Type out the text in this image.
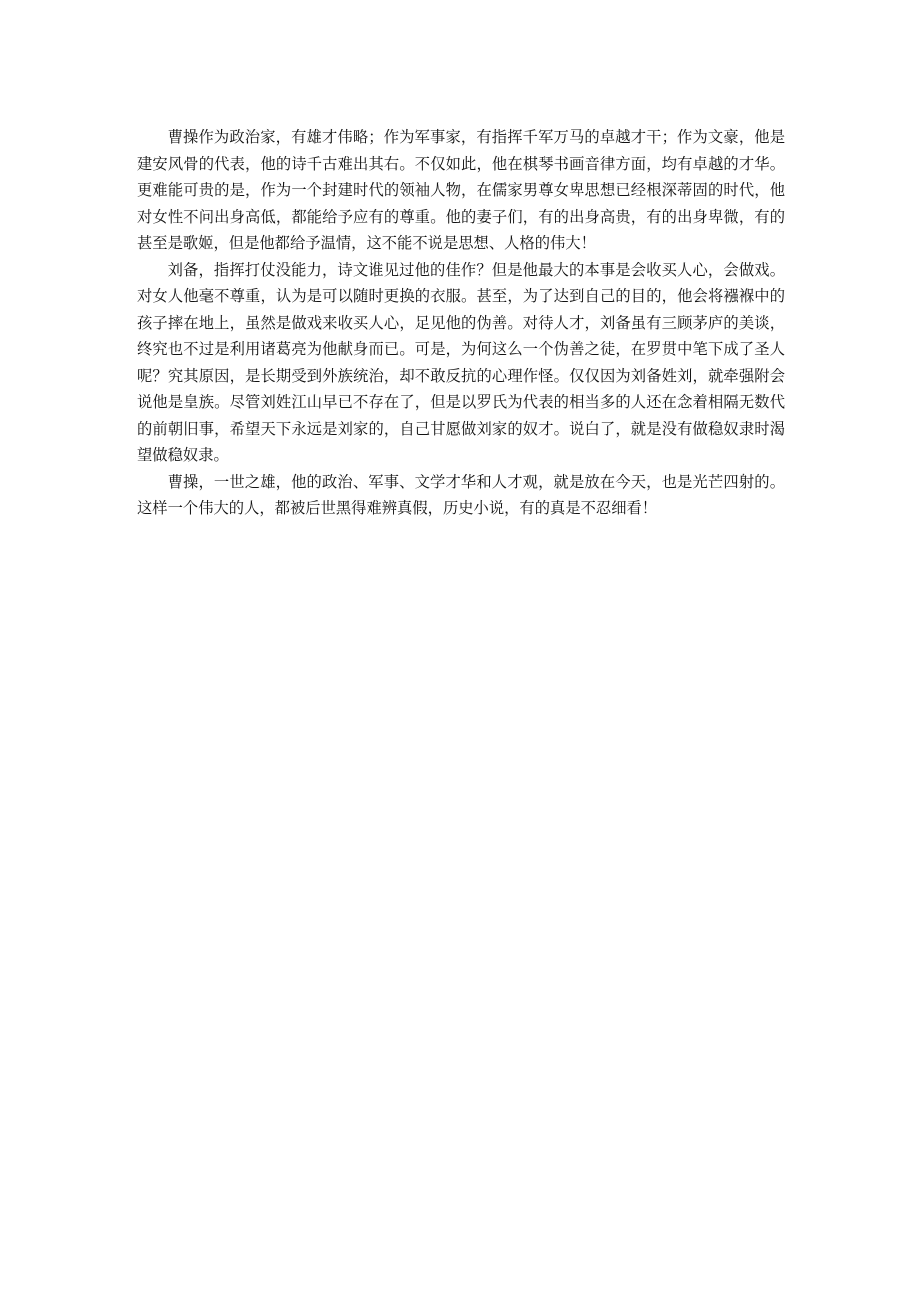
曹操作为政治家，有雄才伟略；作为军事家，有指挥千军万马的卓越才干；作为文豪，他是建安风骨的代表，他的诗千古难出其右。不仅如此，他在棋琴书画音律方面，均有卓越的才华。更难能可贵的是，作为一个封建时代的领袖人物，在儒家男尊女卑思想已经根深蒂固的时代，他对女性不问出身高低，都能给予应有的尊重。他的妻子们，有的出身高贵，有的出身卑微，有的甚至是歌姬，但是他都给予温情，这不能不说是思想、人格的伟大！

刘备，指挥打仗没能力，诗文谁见过他的佳作？但是他最大的本事是会收买人心，会做戏。对女人他毫不尊重，认为是可以随时更换的衣服。甚至，为了达到自己的目的，他会将襁褓中的孩子摔在地上，虽然是做戏来收买人心，足见他的伪善。对待人才，刘备虽有三顾茅庐的美谈，终究也不过是利用诸葛亮为他献身而已。可是，为何这么一个伪善之徒，在罗贯中笔下成了圣人呢？究其原因，是长期受到外族统治，却不敢反抗的心理作怪。仅仅因为刘备姓刘，就牵强附会说他是皇族。尽管刘姓江山早已不存在了，但是以罗氏为代表的相当多的人还在念着相隔无数代的前朝旧事，希望天下永远是刘家的，自己甘愿做刘家的奴才。说白了，就是没有做稳奴隶时渴望做稳奴隶。

曹操，一世之雄，他的政治、军事、文学才华和人才观，就是放在今天，也是光芒四射的。这样一个伟大的人，都被后世黑得难辨真假，历史小说，有的真是不忍细看！
